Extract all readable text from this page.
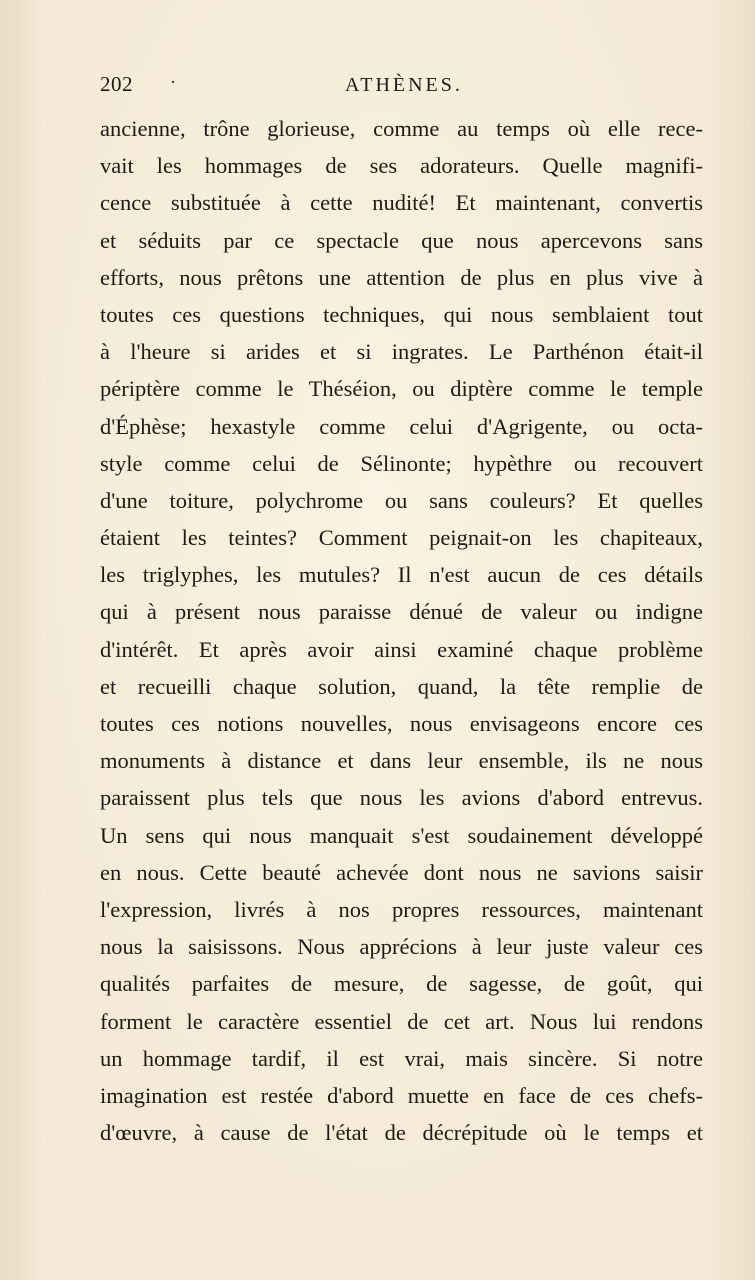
202 ·	ATHÈNES.
ancienne, trône glorieuse, comme au temps où elle rece-
vait les hommages de ses adorateurs. Quelle magnifi-
cence substituée à cette nudité! Et maintenant, convertis
et séduits par ce spectacle que nous apercevons sans
efforts, nous prêtons une attention de plus en plus vive à
toutes ces questions techniques, qui nous semblaient tout
à l'heure si arides et si ingrates. Le Parthénon était-il
périptère comme le Théséion, ou diptère comme le temple
d'Éphèse; hexastyle comme celui d'Agrigente, ou octa-
style comme celui de Sélinonte; hypèthre ou recouvert
d'une toiture, polychrome ou sans couleurs? Et quelles
étaient les teintes? Comment peignait-on les chapiteaux,
les triglyphes, les mutules? Il n'est aucun de ces détails
qui à présent nous paraisse dénué de valeur ou indigne
d'intérêt. Et après avoir ainsi examiné chaque problème
et recueilli chaque solution, quand, la tête remplie de
toutes ces notions nouvelles, nous envisageons encore ces
monuments à distance et dans leur ensemble, ils ne nous
paraissent plus tels que nous les avions d'abord entrevus.
Un sens qui nous manquait s'est soudainement développé
en nous. Cette beauté achevée dont nous ne savions saisir
l'expression, livrés à nos propres ressources, maintenant
nous la saisissons. Nous apprécions à leur juste valeur ces
qualités parfaites de mesure, de sagesse, de goût, qui
forment le caractère essentiel de cet art. Nous lui rendons
un hommage tardif, il est vrai, mais sincère. Si notre
imagination est restée d'abord muette en face de ces chefs-
d'œuvre, à cause de l'état de décrépitude où le temps et
